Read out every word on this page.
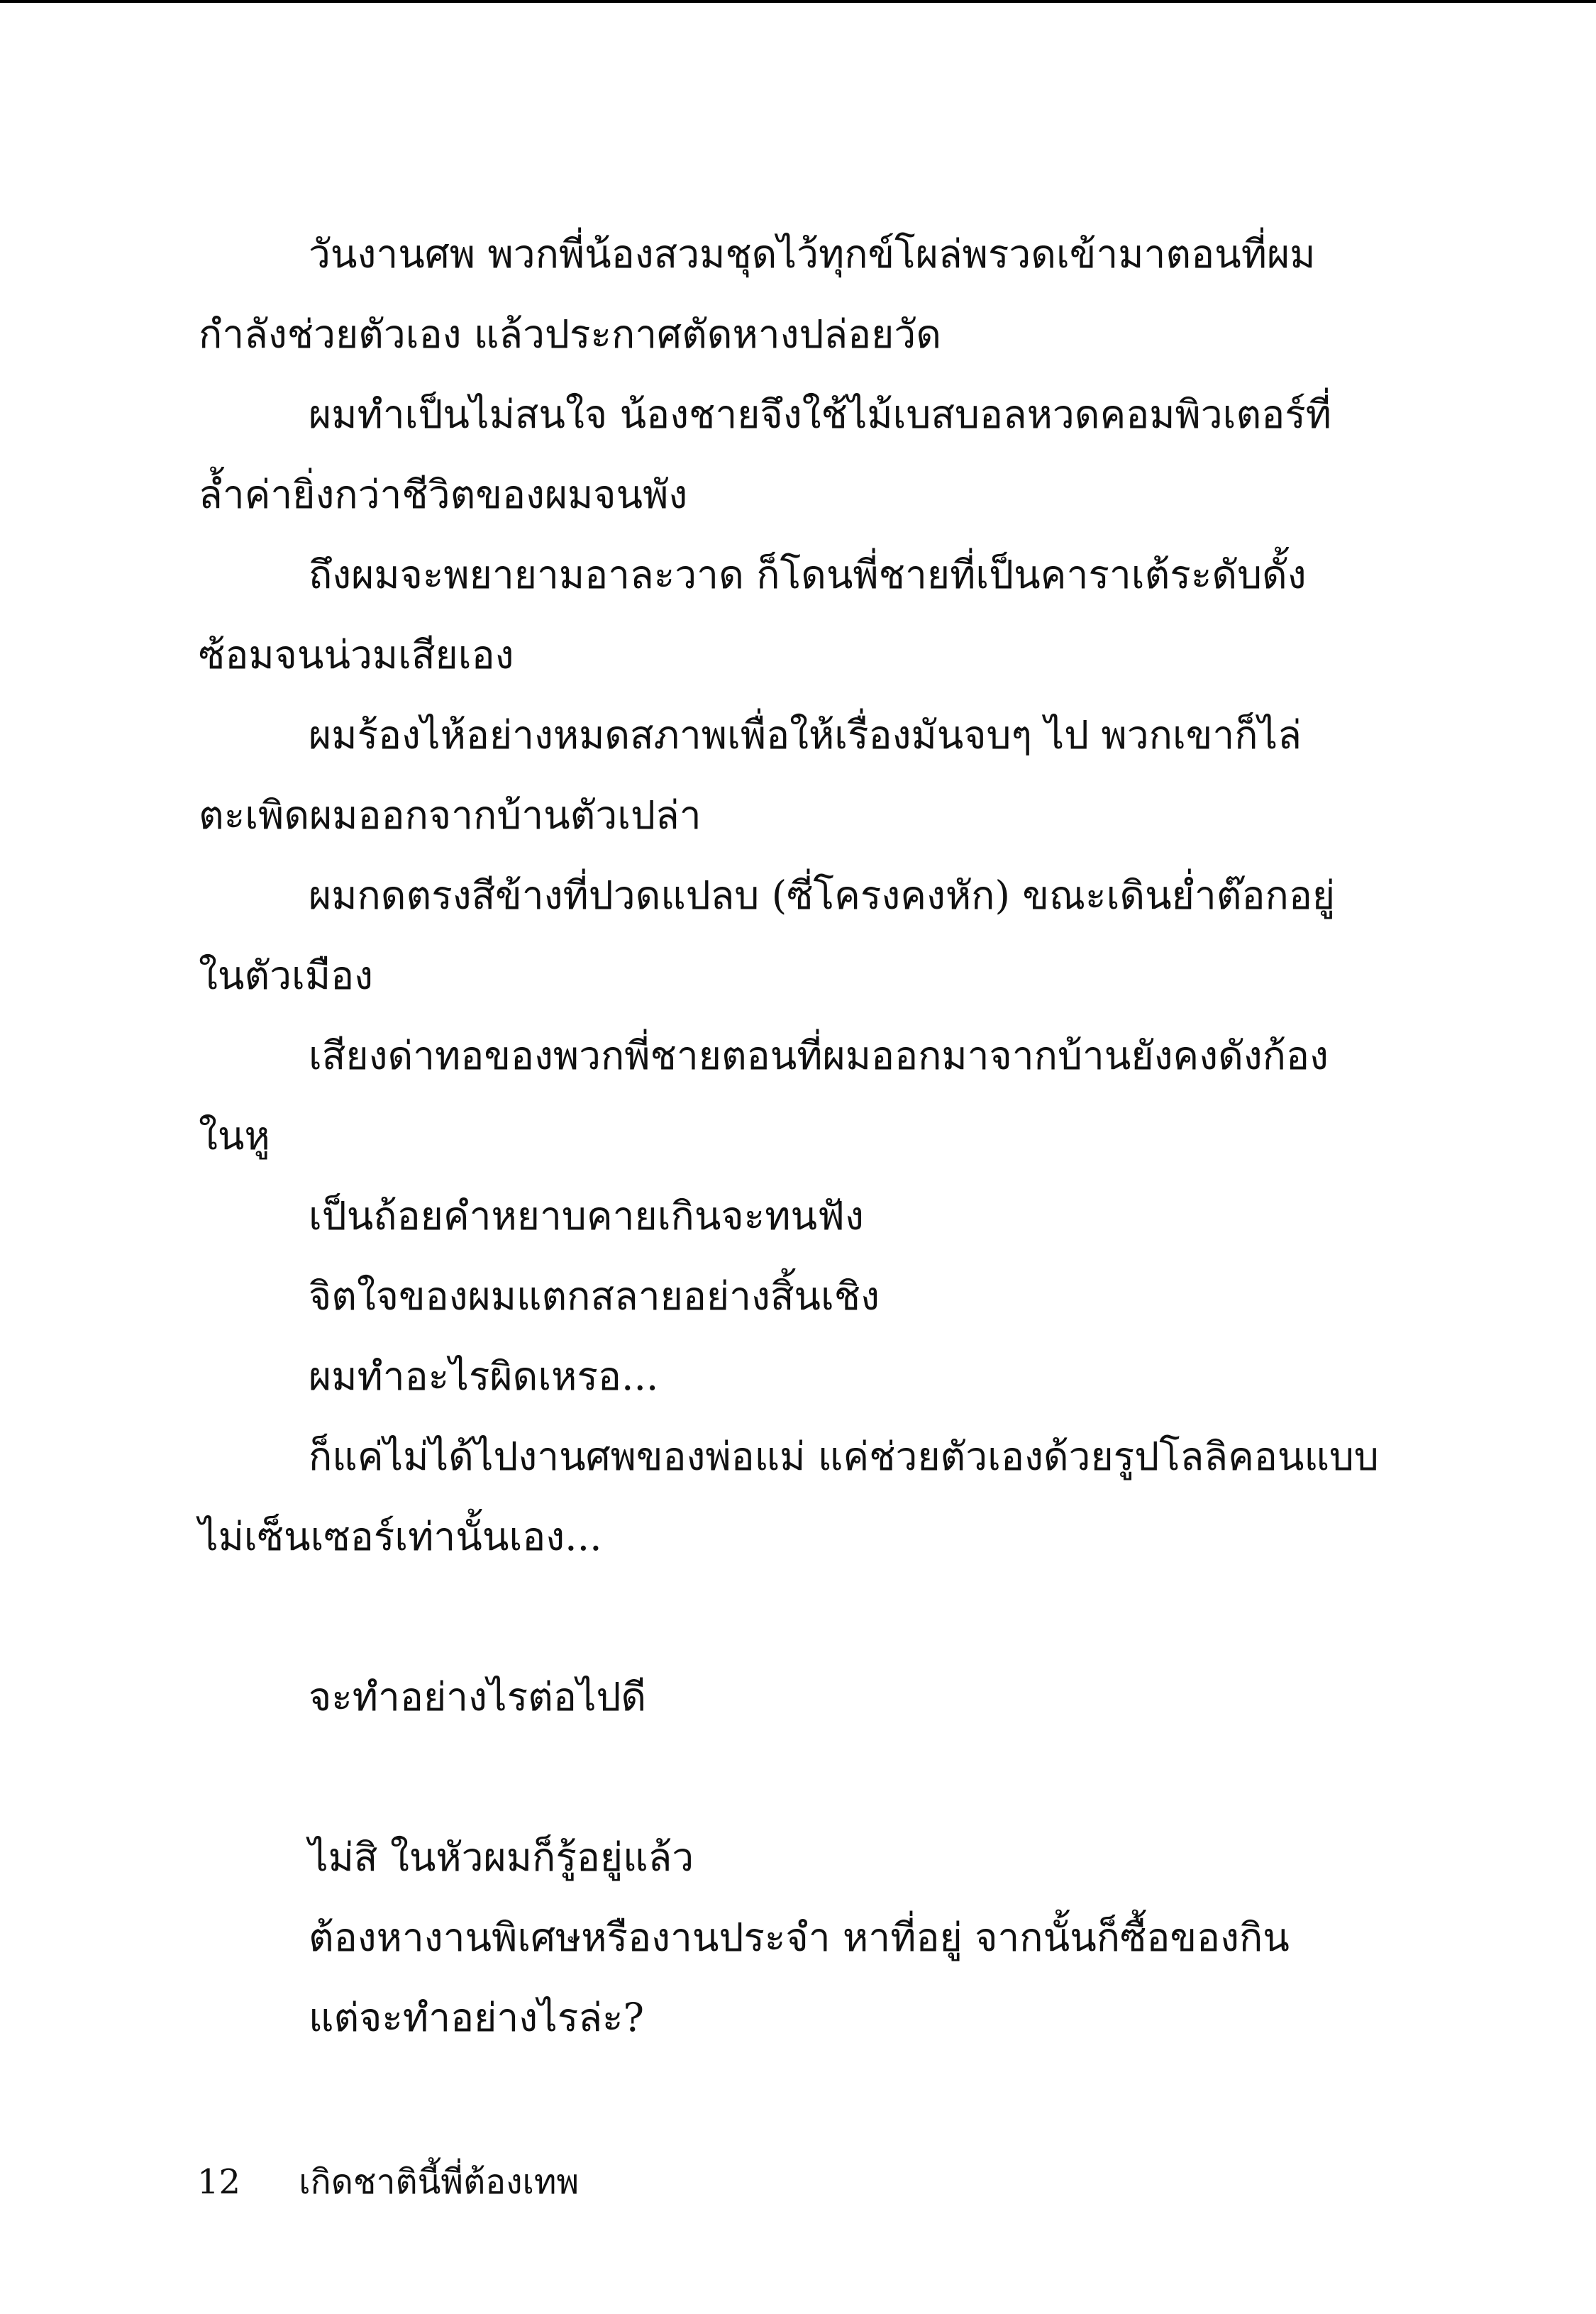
วันงานศพ พวกพี่น้องสวมชุดไว้ทุกข์โผล่พรวดเข้ามาตอนที่ผม
กำลังช่วยตัวเอง แล้วประกาศตัดหางปล่อยวัด

ผมทำเป็นไม่สนใจ น้องชายจึงใช้ไม้เบสบอลหวดคอมพิวเตอร์ที่
ล้ำค่ายิ่งกว่าชีวิตของผมจนพัง

ถึงผมจะพยายามอาละวาด ก็โดนพี่ชายที่เป็นคาราเต้ระดับดั้ง
ซ้อมจนน่วมเสียเอง

ผมร้องไห้อย่างหมดสภาพเพื่อให้เรื่องมันจบๆ ไป พวกเขาก็ไล่
ตะเพิดผมออกจากบ้านตัวเปล่า

ผมกดตรงสีข้างที่ปวดแปลบ (ซี่โครงคงหัก) ขณะเดินย่ำต๊อกอยู่
ในตัวเมือง

เสียงด่าทอของพวกพี่ชายตอนที่ผมออกมาจากบ้านยังคงดังก้อง
ในหู

เป็นถ้อยคำหยาบคายเกินจะทนฟัง

จิตใจของผมแตกสลายอย่างสิ้นเชิง

ผมทำอะไรผิดเหรอ...

ก็แค่ไม่ได้ไปงานศพของพ่อแม่ แค่ช่วยตัวเองด้วยรูปโลลิคอนแบบ
ไม่เซ็นเซอร์เท่านั้นเอง...

จะทำอย่างไรต่อไปดี

ไม่สิ ในหัวผมก็รู้อยู่แล้ว

ต้องหางานพิเศษหรืองานประจำ หาที่อยู่ จากนั้นก็ซื้อของกิน

แต่จะทำอย่างไรล่ะ?

12 เกิดชาตินี้พี่ต้องเทพ
